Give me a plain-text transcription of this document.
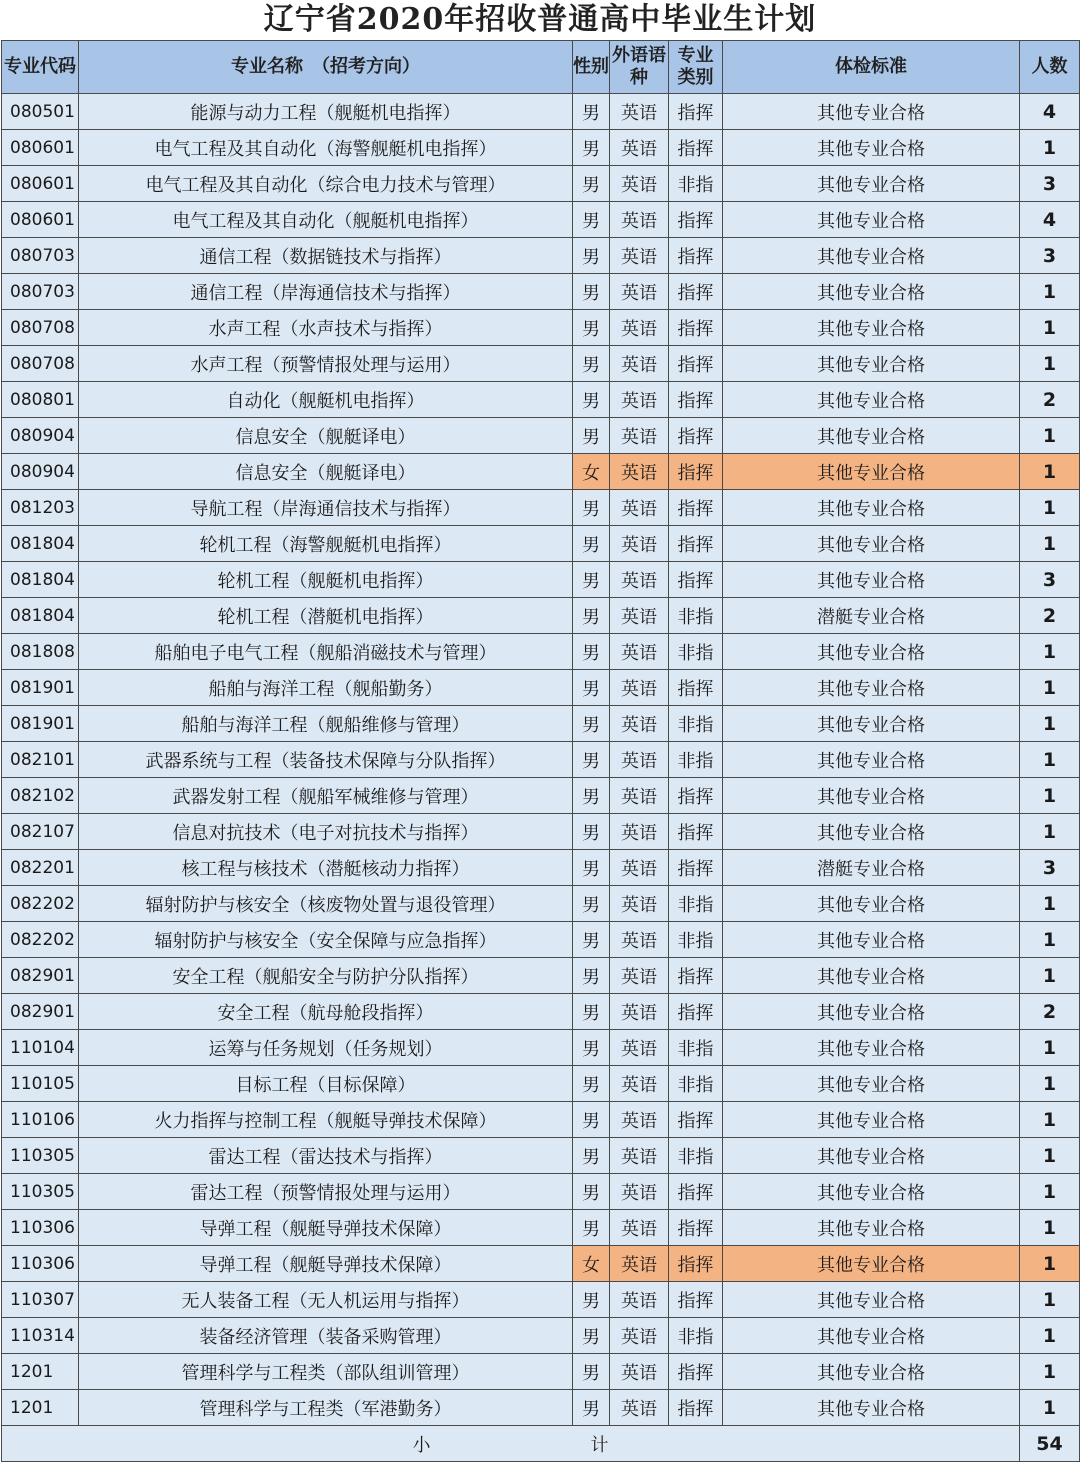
辽宁省2020年招收普通高中毕业生计划
专业代码	专业名称　（招考方向）	性别	外语语种	专业类别	体检标准	人数
080501	能源与动力工程（舰艇机电指挥）	男	英语	指挥	其他专业合格	4
080601	电气工程及其自动化（海警舰艇机电指挥）	男	英语	指挥	其他专业合格	1
080601	电气工程及其自动化（综合电力技术与管理）	男	英语	非指	其他专业合格	3
080601	电气工程及其自动化（舰艇机电指挥）	男	英语	指挥	其他专业合格	4
080703	通信工程（数据链技术与指挥）	男	英语	指挥	其他专业合格	3
080703	通信工程（岸海通信技术与指挥）	男	英语	指挥	其他专业合格	1
080708	水声工程（水声技术与指挥）	男	英语	指挥	其他专业合格	1
080708	水声工程（预警情报处理与运用）	男	英语	指挥	其他专业合格	1
080801	自动化（舰艇机电指挥）	男	英语	指挥	其他专业合格	2
080904	信息安全（舰艇译电）	男	英语	指挥	其他专业合格	1
080904	信息安全（舰艇译电）	女	英语	指挥	其他专业合格	1
081203	导航工程（岸海通信技术与指挥）	男	英语	指挥	其他专业合格	1
081804	轮机工程（海警舰艇机电指挥）	男	英语	指挥	其他专业合格	1
081804	轮机工程（舰艇机电指挥）	男	英语	指挥	其他专业合格	3
081804	轮机工程（潜艇机电指挥）	男	英语	非指	潜艇专业合格	2
081808	船舶电子电气工程（舰船消磁技术与管理）	男	英语	非指	其他专业合格	1
081901	船舶与海洋工程（舰船勤务）	男	英语	指挥	其他专业合格	1
081901	船舶与海洋工程（舰船维修与管理）	男	英语	非指	其他专业合格	1
082101	武器系统与工程（装备技术保障与分队指挥）	男	英语	非指	其他专业合格	1
082102	武器发射工程（舰船军械维修与管理）	男	英语	指挥	其他专业合格	1
082107	信息对抗技术（电子对抗技术与指挥）	男	英语	指挥	其他专业合格	1
082201	核工程与核技术（潜艇核动力指挥）	男	英语	指挥	潜艇专业合格	3
082202	辐射防护与核安全（核废物处置与退役管理）	男	英语	非指	其他专业合格	1
082202	辐射防护与核安全（安全保障与应急指挥）	男	英语	非指	其他专业合格	1
082901	安全工程（舰船安全与防护分队指挥）	男	英语	指挥	其他专业合格	1
082901	安全工程（航母舱段指挥）	男	英语	指挥	其他专业合格	2
110104	运筹与任务规划（任务规划）	男	英语	非指	其他专业合格	1
110105	目标工程（目标保障）	男	英语	非指	其他专业合格	1
110106	火力指挥与控制工程（舰艇导弹技术保障）	男	英语	指挥	其他专业合格	1
110305	雷达工程（雷达技术与指挥）	男	英语	非指	其他专业合格	1
110305	雷达工程（预警情报处理与运用）	男	英语	指挥	其他专业合格	1
110306	导弹工程（舰艇导弹技术保障）	男	英语	指挥	其他专业合格	1
110306	导弹工程（舰艇导弹技术保障）	女	英语	指挥	其他专业合格	1
110307	无人装备工程（无人机运用与指挥）	男	英语	指挥	其他专业合格	1
110314	装备经济管理（装备采购管理）	男	英语	非指	其他专业合格	1
1201	管理科学与工程类（部队组训管理）	男	英语	指挥	其他专业合格	1
1201	管理科学与工程类（军港勤务）	男	英语	指挥	其他专业合格	1
小 计						54
